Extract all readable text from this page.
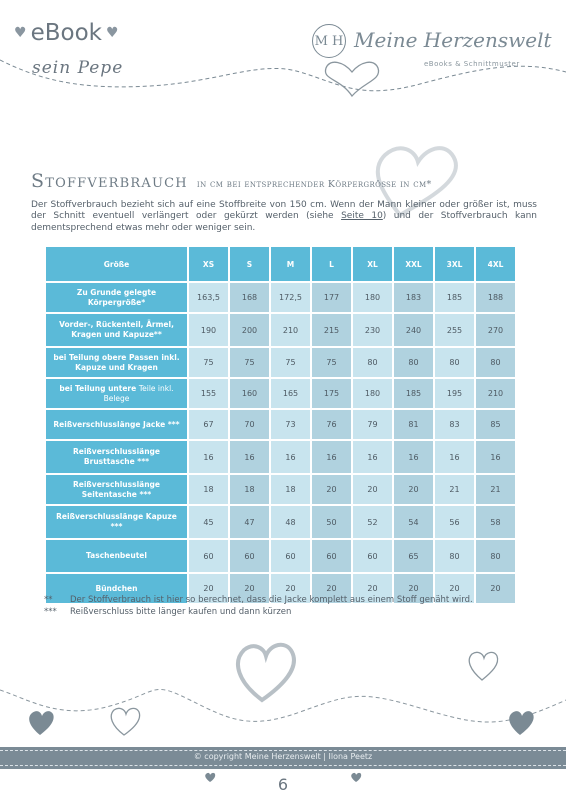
♥ eBook ♥
sein Pepe
M H Meine Herzenswelt
eBooks & Schnittmuster
Stoffverbrauch in cm bei entsprechender Körpergröße in cm*

Der Stoffverbrauch bezieht sich auf eine Stoffbreite von 150 cm. Wenn der Mann kleiner oder größer ist, muss der Schnitt eventuell verlängert oder gekürzt werden (siehe Seite 10) und der Stoffverbrauch kann dementsprechend etwas mehr oder weniger sein.

Größe	XS	S	M	L	XL	XXL	3XL	4XL
Zu Grunde gelegte Körpergröße*	163,5	168	172,5	177	180	183	185	188
Vorder-, Rückenteil, Ärmel, Kragen und Kapuze**	190	200	210	215	230	240	255	270
bei Teilung obere Passen inkl. Kapuze und Kragen	75	75	75	75	80	80	80	80
bei Teilung untere Teile inkl. Belege	155	160	165	175	180	185	195	210
Reißverschlusslänge Jacke ***	67	70	73	76	79	81	83	85
Reißverschlusslänge Brusttasche ***	16	16	16	16	16	16	16	16
Reißverschlusslänge Seitentasche ***	18	18	18	20	20	20	21	21
Reißverschlusslänge Kapuze ***	45	47	48	50	52	54	56	58
Taschenbeutel	60	60	60	60	60	65	80	80
Bündchen	20	20	20	20	20	20	20	20
** Der Stoffverbrauch ist hier so berechnet, dass die Jacke komplett aus einem Stoff genäht wird.
*** Reißverschluss bitte länger kaufen und dann kürzen
© copyright Meine Herzenswelt | Ilona Peetz
6
